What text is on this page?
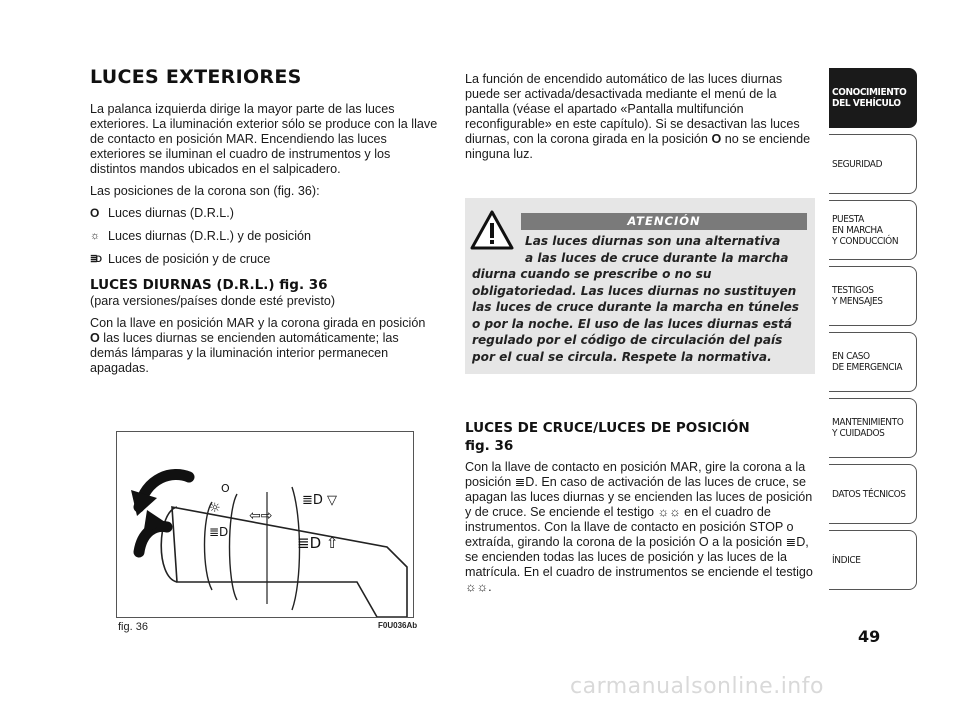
LUCES EXTERIORES

La palanca izquierda dirige la mayor parte de las luces exteriores. La iluminación exterior sólo se produce con la llave de contacto en posición MAR. Encendiendo las luces exteriores se iluminan el cuadro de instrumentos y los distintos mandos ubicados en el salpicadero.

Las posiciones de la corona son (fig. 36):

O Luces diurnas (D.R.L.)
☼ Luces diurnas (D.R.L.) y de posición
≣D Luces de posición y de cruce
LUCES DIURNAS (D.R.L.) fig. 36

(para versiones/países donde esté previsto)

Con la llave en posición MAR y la corona girada en posición O las luces diurnas se encienden automáticamente; las demás lámparas y la iluminación interior permanecen apagadas.

O
☼
≣D
⇦⇨
≣D ▽
≣D ⇧
fig. 36	F0U036Ab

La función de encendido automático de las luces diurnas puede ser activada/desactivada mediante el menú de la pantalla (véase el apartado «Pantalla multifunción reconfigurable» en este capítulo). Si se desactivan las luces diurnas, con la corona girada en la posición O no se enciende ninguna luz.

ATENCIÓN
Las luces diurnas son una alternativa
a las luces de cruce durante la marcha
diurna cuando se prescribe o no su obligatoriedad. Las luces diurnas no sustituyen las luces de cruce durante la marcha en túneles o por la noche. El uso de las luces diurnas está regulado por el código de circulación del país por el cual se circula. Respete la normativa.
LUCES DE CRUCE/LUCES DE POSICIÓN
fig. 36

Con la llave de contacto en posición MAR, gire la corona a la posición ≣D. En caso de activación de las luces de cruce, se apagan las luces diurnas y se encienden las luces de posición y de cruce. Se enciende el testigo ☼☼ en el cuadro de instrumentos. Con la llave de contacto en posición STOP o extraída, girando la corona de la posición O a la posición ≣D, se encienden todas las luces de posición y las luces de la matrícula. En el cuadro de instrumentos se enciende el testigo ☼☼.

CONOCIMIENTO
DEL VEHÍCULO
SEGURIDAD
PUESTA
EN MARCHA
Y CONDUCCIÓN
TESTIGOS
Y MENSAJES
EN CASO
DE EMERGENCIA
MANTENIMIENTO
Y CUIDADOS
DATOS TÉCNICOS
ÍNDICE
49
carmanualsonline.info
